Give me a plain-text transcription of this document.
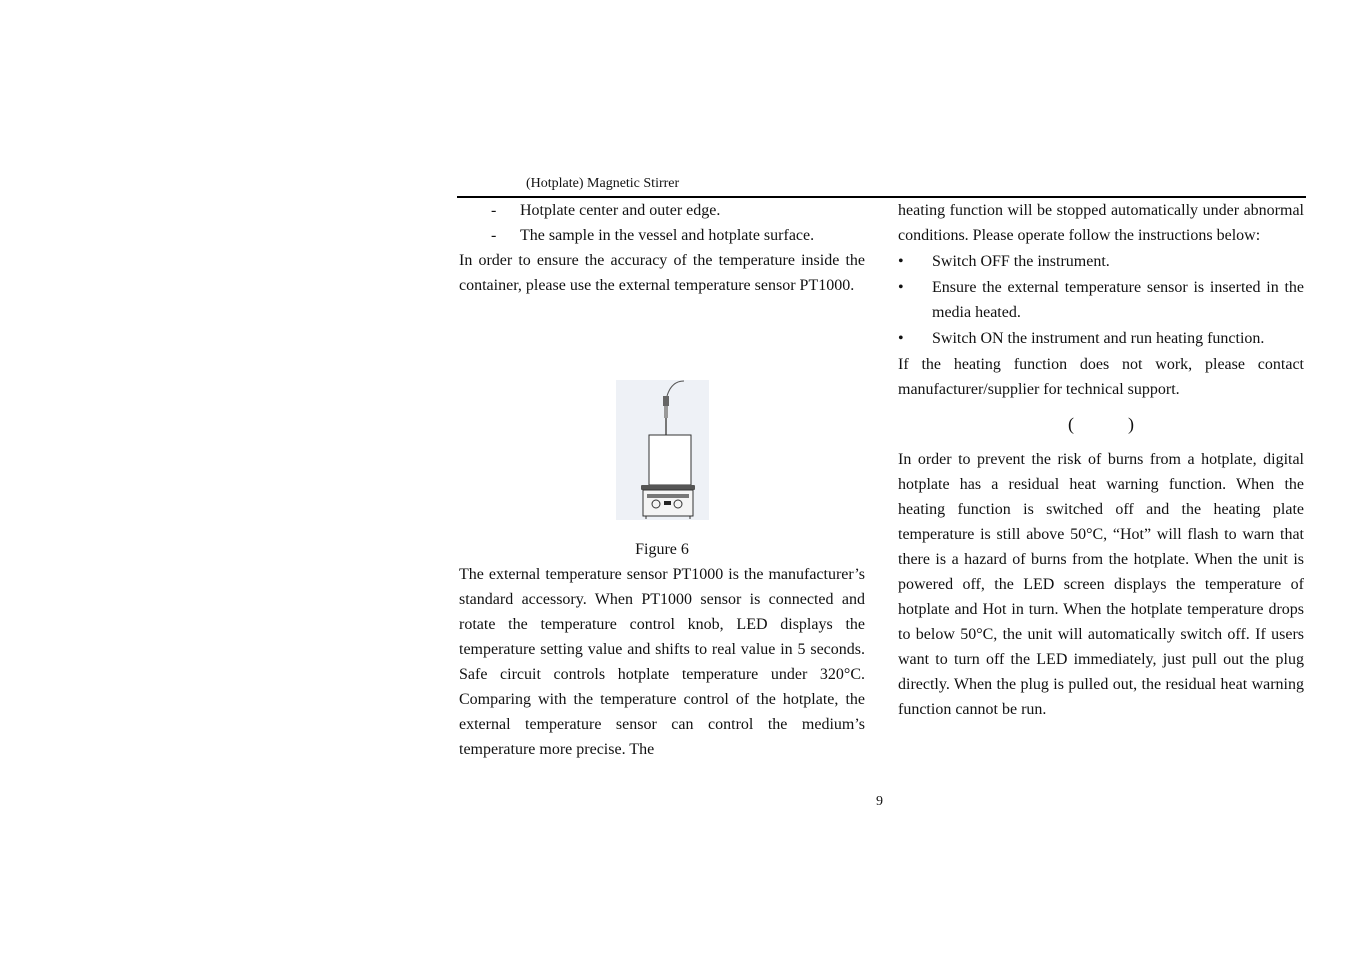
(Hotplate) Magnetic Stirrer
-	Hotplate center and outer edge.
-	The sample in the vessel and hotplate surface.

In order to ensure the accuracy of the temperature inside the container, please use the external temperature sensor PT1000.

Figure 6

The external temperature sensor PT1000 is the manufacturer’s standard accessory. When PT1000 sensor is connected and rotate the temperature control knob, LED displays the temperature setting value and shifts to real value in 5 seconds. Safe circuit controls hotplate temperature under 320°C. Comparing with the temperature control of the hotplate, the external temperature sensor can control the medium’s temperature more precise. The

heating function will be stopped automatically under abnormal conditions. Please operate follow the instructions below:

•	Switch OFF the instrument.
•	Ensure the external temperature sensor is inserted in the media heated.
•	Switch ON the instrument and run heating function.

If the heating function does not work, please contact manufacturer/supplier for technical support.

(　　　)

In order to prevent the risk of burns from a hotplate, digital hotplate has a residual heat warning function. When the heating function is switched off and the heating plate temperature is still above 50°C, “Hot” will flash to warn that there is a hazard of burns from the hotplate. When the unit is powered off, the LED screen displays the temperature of hotplate and Hot in turn. When the hotplate temperature drops to below 50°C, the unit will automatically switch off. If users want to turn off the LED immediately, just pull out the plug directly. When the plug is pulled out, the residual heat warning function cannot be run.

9
